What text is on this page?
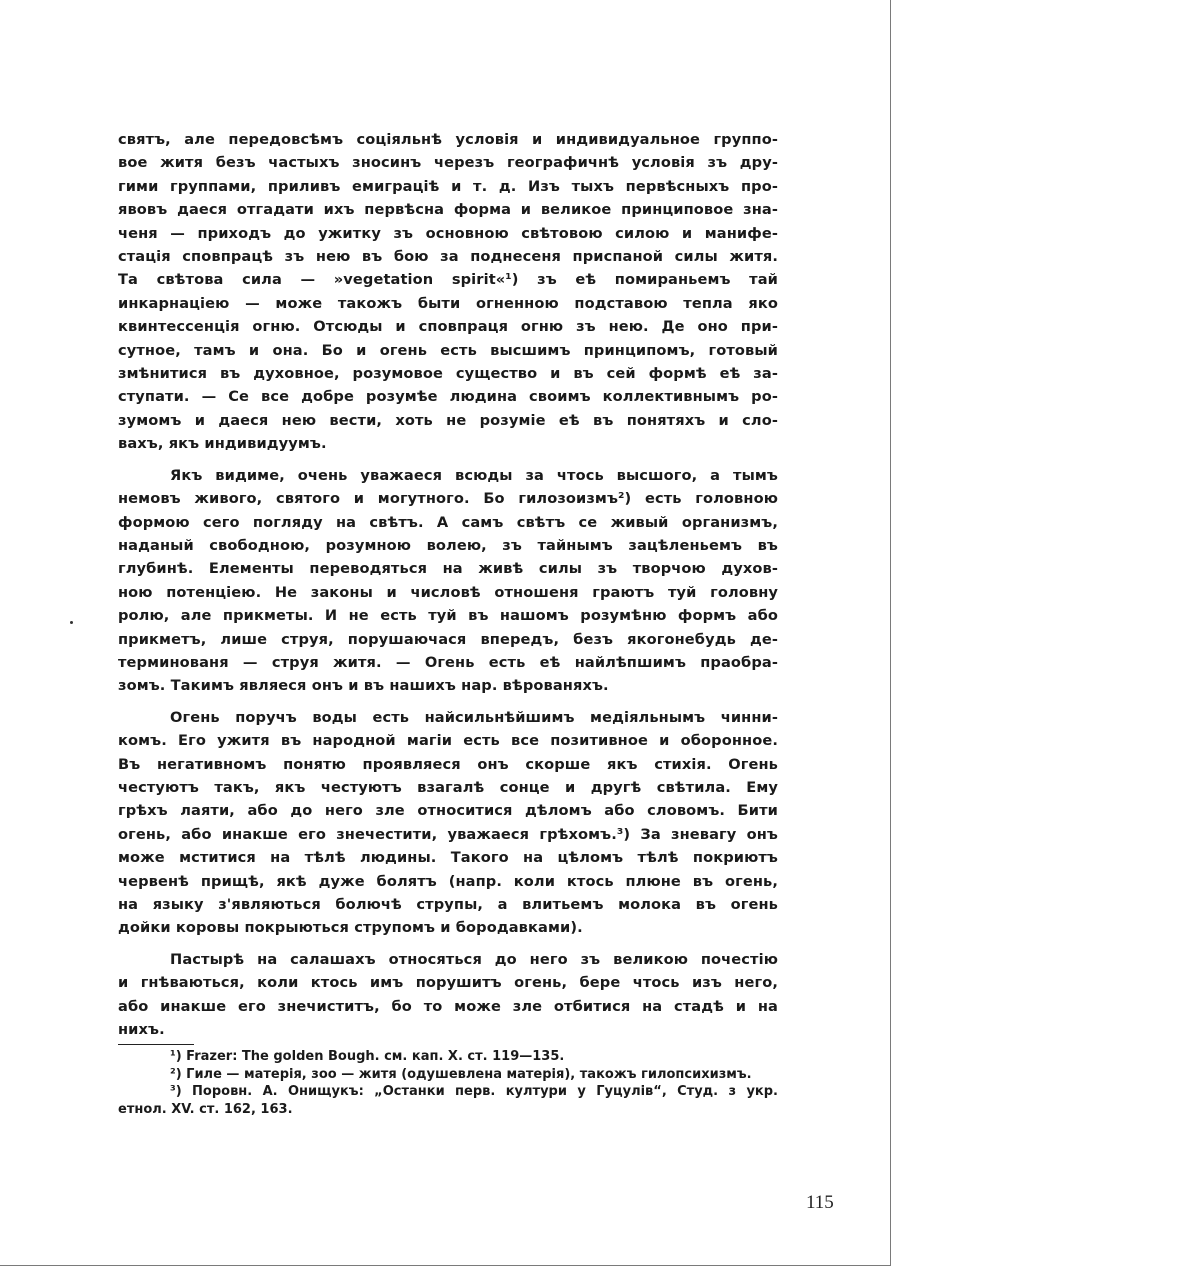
святъ, але передовсѣмъ соціяльнѣ условія и индивидуальное группо-
вое житя безъ частыхъ зносинъ черезъ географичнѣ условія зъ дру-
гими группами, приливъ емиграціѣ и т. д. Изъ тыхъ первѣсныхъ про-
явовъ даеся отгадати ихъ первѣсна форма и великое принциповое зна-
ченя — приходъ до ужитку зъ основною свѣтовою силою и манифе-
стація сповпрацѣ зъ нею въ бою за поднесеня приспаной силы житя.
Та свѣтова сила — »vegetation spirit«¹) зъ еѣ помираньемъ тай
инкарнаціею — може такожъ быти огненною подставою тепла яко
квинтессенція огню. Отсюды и сповпраця огню зъ нею. Де оно при-
сутное, тамъ и она. Бо и огень есть высшимъ принципомъ, готовый
змѣнитися въ духовное, розумовое существо и въ сей формѣ еѣ за-
ступати. — Се все добре розумѣе людина своимъ коллективнымъ ро-
зумомъ и даеся нею вести, хоть не розуміе еѣ въ понятяхъ и сло-
вахъ, якъ индивидуумъ.
Якъ видиме, очень уважаеся всюды за чтось высшого, а тымъ
немовъ живого, святого и могутного. Бо гилозоизмъ²) есть головною
формою сего погляду на свѣтъ. А самъ свѣтъ се живый организмъ,
наданый свободною, розумною волею, зъ тайнымъ зацѣленьемъ въ
глубинѣ. Елементы переводяться на живѣ силы зъ творчою духов-
ною потенціею. Не законы и числовѣ отношеня граютъ туй головну
ролю, але прикметы. И не есть туй въ нашомъ розумѣню формъ або
прикметъ, лише струя, порушаючася впередъ, безъ якогонебудь де-
терминованя — струя житя. — Огень есть еѣ найлѣпшимъ праобра-
зомъ. Такимъ являеся онъ и въ нашихъ нар. вѣрованяхъ.
Огень поручъ воды есть найсильнѣйшимъ медіяльнымъ чинни-
комъ. Его ужитя въ народной магіи есть все позитивное и оборонное.
Въ негативномъ понятю проявляеся онъ скорше якъ стихія. Огень
честуютъ такъ, якъ честуютъ взагалѣ сонце и другѣ свѣтила. Ему
грѣхъ лаяти, або до него зле относитися дѣломъ або словомъ. Бити
огень, або инакше его знечестити, уважаеся грѣхомъ.³) За зневагу онъ
може мститися на тѣлѣ людины. Такого на цѣломъ тѣлѣ покриютъ
червенѣ прищѣ, якѣ дуже болятъ (напр. коли ктось плюне въ огень,
на языку з'являються болючѣ струпы, а влитьемъ молока въ огень
дойки коровы покрыються струпомъ и бородавками).
Пастырѣ на салашахъ относяться до него зъ великою почестію
и гнѣваються, коли ктось имъ порушитъ огень, бере чтось изъ него,
або инакше его знечиститъ, бо то може зле отбитися на стадѣ и на
нихъ.
¹) Frazer: The golden Bough. см. кап. X. ст. 119—135.
²) Гиле — матерія, зоо — житя (одушевлена матерія), такожъ гилопсихизмъ.
³) Поровн. А. Онищукъ: „Останки перв. култури у Гуцулів“, Студ. з укр.
етнол. XV. ст. 162, 163.
115
